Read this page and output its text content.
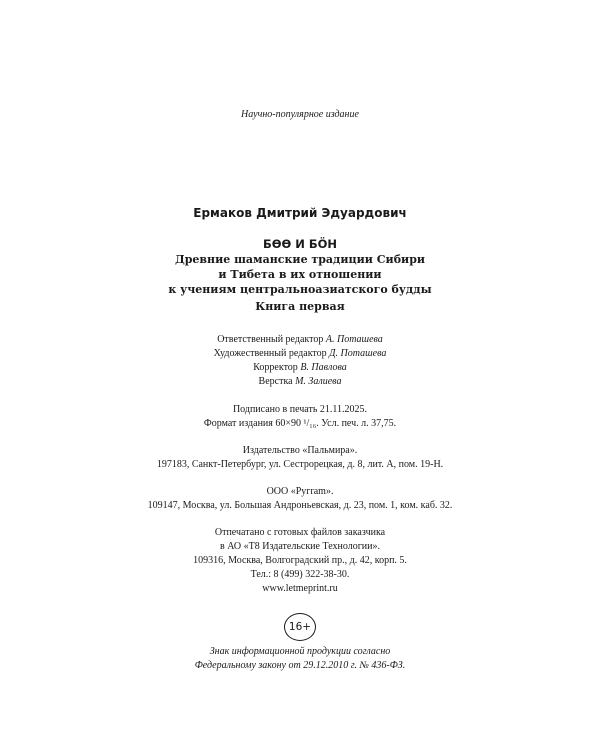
Научно-популярное издание
Ермаков Дмитрий Эдуардович
БӨӨ И БӦН
Древние шаманские традиции Сибири
и Тибета в их отношении
к учениям центральноазиатского будды
Книга первая
Ответственный редактор А. Поташева
Художественный редактор Д. Поташева
Корректор В. Павлова
Верстка М. Залиева
Подписано в печать 21.11.2025.
Формат издания 60×90 ¹/₁₆. Усл. печ. л. 37,75.
Издательство «Пальмира».
197183, Санкт-Петербург, ул. Сестрорецкая, д. 8, лит. А, пом. 19-Н.
ООО «Ругram».
109147, Москва, ул. Большая Андроньевская, д. 23, пом. 1, ком. каб. 32.
Отпечатано с готовых файлов заказчика
в АО «Т8 Издательские Технологии».
109316, Москва, Волгоградский пр., д. 42, корп. 5.
Тел.: 8 (499) 322-38-30.
www.letmeprint.ru
16+
Знак информационной продукции согласно
Федеральному закону от 29.12.2010 г. № 436-ФЗ.
